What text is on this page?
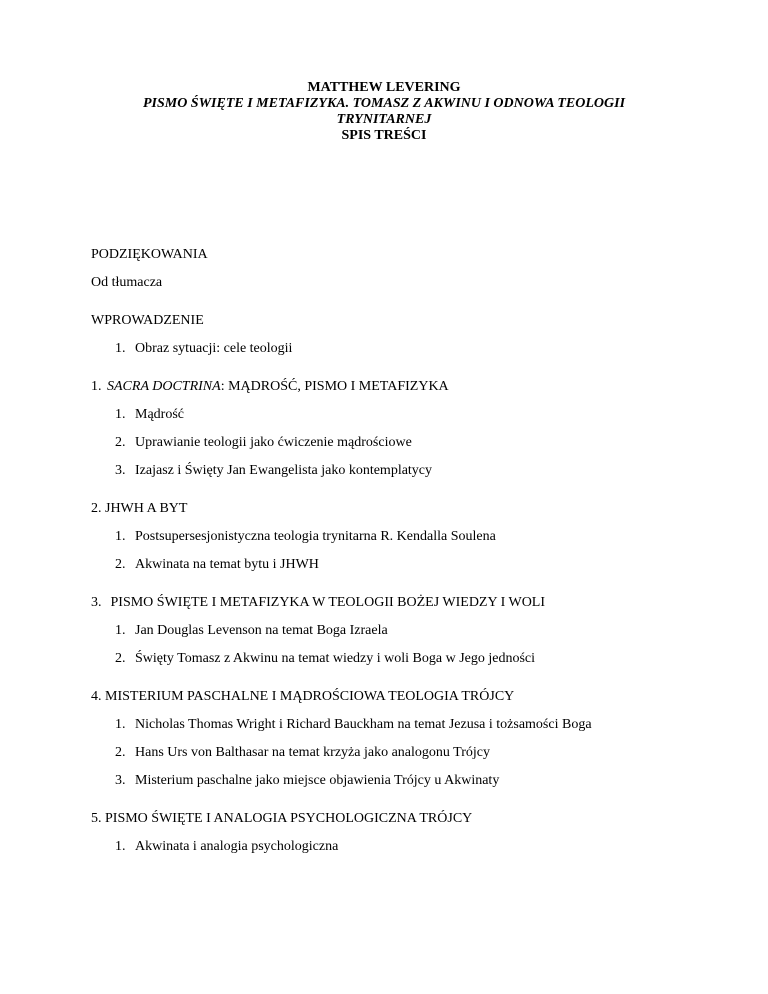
MATTHEW LEVERING
PISMO ŚWIĘTE I METAFIZYKA. TOMASZ Z AKWINU I ODNOWA TEOLOGII
TRYNITARNEJ
SPIS TREŚCI

PODZIĘKOWANIA

Od tłumacza

WPROWADZENIE

1. Obraz sytuacji: cele teologii

1. SACRA DOCTRINA: MĄDROŚĆ, PISMO I METAFIZYKA

1. Mądrość

2. Uprawianie teologii jako ćwiczenie mądrościowe

3. Izajasz i Święty Jan Ewangelista jako kontemplatycy

2. JHWH A BYT

1. Postsupersesjonistyczna teologia trynitarna R. Kendalla Soulena

2. Akwinata na temat bytu i JHWH

3. PISMO ŚWIĘTE I METAFIZYKA W TEOLOGII BOŻEJ WIEDZY I WOLI

1. Jan Douglas Levenson na temat Boga Izraela

2. Święty Tomasz z Akwinu na temat wiedzy i woli Boga w Jego jedności

4. MISTERIUM PASCHALNE I MĄDROŚCIOWA TEOLOGIA TRÓJCY

1. Nicholas Thomas Wright i Richard Bauckham na temat Jezusa i tożsamości Boga

2. Hans Urs von Balthasar na temat krzyża jako analogonu Trójcy

3. Misterium paschalne jako miejsce objawienia Trójcy u Akwinaty

5. PISMO ŚWIĘTE I ANALOGIA PSYCHOLOGICZNA TRÓJCY

1. Akwinata i analogia psychologiczna
